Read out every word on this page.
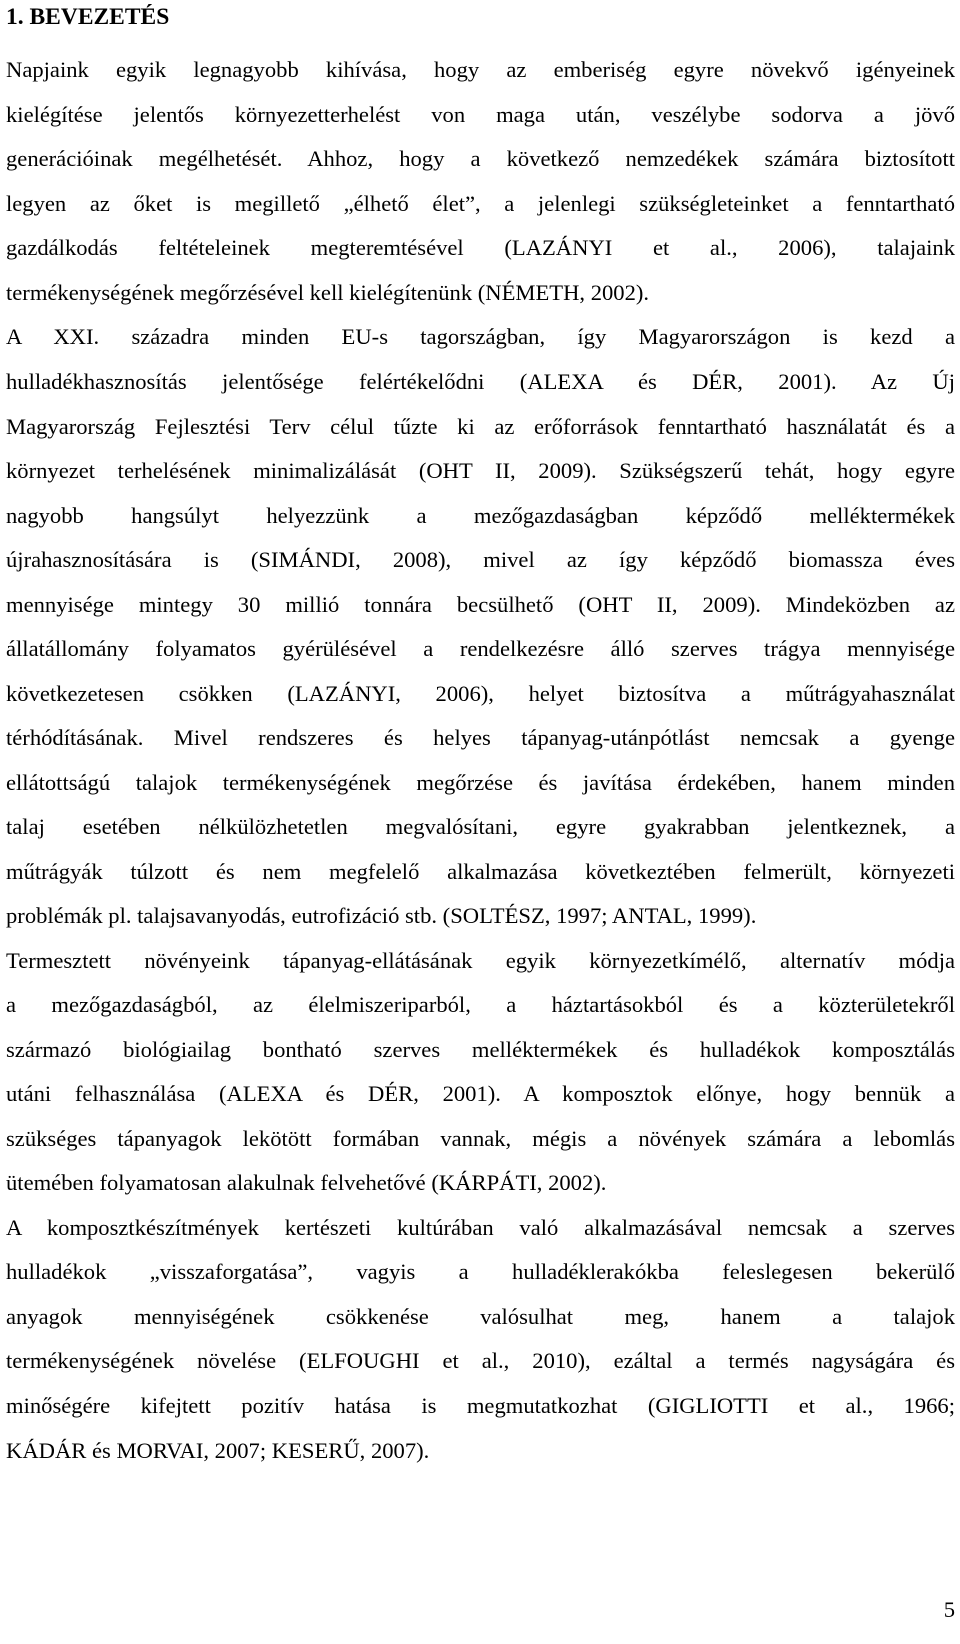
1. BEVEZETÉS
Napjaink egyik legnagyobb kihívása, hogy az emberiség egyre növekvő igényeinek
kielégítése jelentős környezetterhelést von maga után, veszélybe sodorva a jövő
generációinak megélhetését. Ahhoz, hogy a következő nemzedékek számára biztosított
legyen az őket is megillető „élhető élet”, a jelenlegi szükségleteinket a fenntartható
gazdálkodás feltételeinek megteremtésével (LAZÁNYI et al., 2006), talajaink
termékenységének megőrzésével kell kielégítenünk (NÉMETH, 2002).
A XXI. századra minden EU-s tagországban, így Magyarországon is kezd a
hulladékhasznosítás jelentősége felértékelődni (ALEXA és DÉR, 2001). Az Új
Magyarország Fejlesztési Terv célul tűzte ki az erőforrások fenntartható használatát és a
környezet terhelésének minimalizálását (OHT II, 2009). Szükségszerű tehát, hogy egyre
nagyobb hangsúlyt helyezzünk a mezőgazdaságban képződő melléktermékek
újrahasznosítására is (SIMÁNDI, 2008), mivel az így képződő biomassza éves
mennyisége mintegy 30 millió tonnára becsülhető (OHT II, 2009). Mindeközben az
állatállomány folyamatos gyérülésével a rendelkezésre álló szerves trágya mennyisége
következetesen csökken (LAZÁNYI, 2006), helyet biztosítva a műtrágyahasználat
térhódításának. Mivel rendszeres és helyes tápanyag-utánpótlást nemcsak a gyenge
ellátottságú talajok termékenységének megőrzése és javítása érdekében, hanem minden
talaj esetében nélkülözhetetlen megvalósítani, egyre gyakrabban jelentkeznek, a
műtrágyák túlzott és nem megfelelő alkalmazása következtében felmerült, környezeti
problémák pl. talajsavanyodás, eutrofizáció stb. (SOLTÉSZ, 1997; ANTAL, 1999).
Termesztett növényeink tápanyag-ellátásának egyik környezetkímélő, alternatív módja
a mezőgazdaságból, az élelmiszeriparból, a háztartásokból és a közterületekről
származó biológiailag bontható szerves melléktermékek és hulladékok komposztálás
utáni felhasználása (ALEXA és DÉR, 2001). A komposztok előnye, hogy bennük a
szükséges tápanyagok lekötött formában vannak, mégis a növények számára a lebomlás
ütemében folyamatosan alakulnak felvehetővé (KÁRPÁTI, 2002).
A komposztkészítmények kertészeti kultúrában való alkalmazásával nemcsak a szerves
hulladékok „visszaforgatása”, vagyis a hulladéklerakókba feleslegesen bekerülő
anyagok mennyiségének csökkenése valósulhat meg, hanem a talajok
termékenységének növelése (ELFOUGHI et al., 2010), ezáltal a termés nagyságára és
minőségére kifejtett pozitív hatása is megmutatkozhat (GIGLIOTTI et al., 1966;
KÁDÁR és MORVAI, 2007; KESERŰ, 2007).
5
